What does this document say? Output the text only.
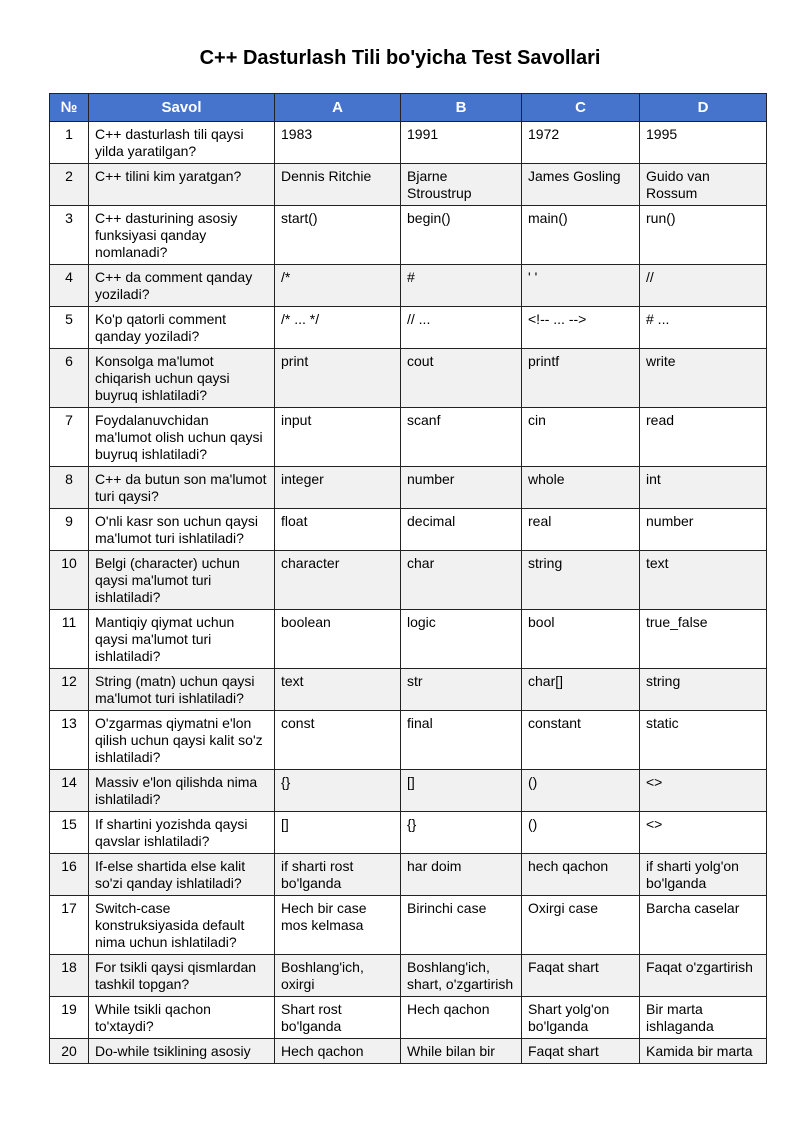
C++ Dasturlash Tili bo'yicha Test Savollari
№	Savol	A	B	C	D
1	C++ dasturlash tili qaysi yilda yaratilgan?	1983	1991	1972	1995
2	C++ tilini kim yaratgan?	Dennis Ritchie	Bjarne Stroustrup	James Gosling	Guido van Rossum
3	C++ dasturining asosiy funksiyasi qanday nomlanadi?	start()	begin()	main()	run()
4	C++ da comment qanday yoziladi?	/*	#	' '	//
5	Ko'p qatorli comment qanday yoziladi?	/* ... */	// ...	<!-- ... -->	# ...
6	Konsolga ma'lumot chiqarish uchun qaysi buyruq ishlatiladi?	print	cout	printf	write
7	Foydalanuvchidan ma'lumot olish uchun qaysi buyruq ishlatiladi?	input	scanf	cin	read
8	C++ da butun son ma'lumot turi qaysi?	integer	number	whole	int
9	O'nli kasr son uchun qaysi ma'lumot turi ishlatiladi?	float	decimal	real	number
10	Belgi (character) uchun qaysi ma'lumot turi ishlatiladi?	character	char	string	text
11	Mantiqiy qiymat uchun qaysi ma'lumot turi ishlatiladi?	boolean	logic	bool	true_false
12	String (matn) uchun qaysi ma'lumot turi ishlatiladi?	text	str	char[]	string
13	O'zgarmas qiymatni e'lon qilish uchun qaysi kalit so'z ishlatiladi?	const	final	constant	static
14	Massiv e'lon qilishda nima ishlatiladi?	{}	[]	()	<>
15	If shartini yozishda qaysi qavslar ishlatiladi?	[]	{}	()	<>
16	If-else shartida else kalit so'zi qanday ishlatiladi?	if sharti rost bo'lganda	har doim	hech qachon	if sharti yolg'on bo'lganda
17	Switch-case konstruksiyasida default nima uchun ishlatiladi?	Hech bir case mos kelmasa	Birinchi case	Oxirgi case	Barcha caselar
18	For tsikli qaysi qismlardan tashkil topgan?	Boshlang'ich, oxirgi	Boshlang'ich, shart, o'zgartirish	Faqat shart	Faqat o'zgartirish
19	While tsikli qachon to'xtaydi?	Shart rost bo'lganda	Hech qachon	Shart yolg'on bo'lganda	Bir marta ishlaganda
20	Do-while tsiklining asosiy	Hech qachon	While bilan bir	Faqat shart	Kamida bir marta
